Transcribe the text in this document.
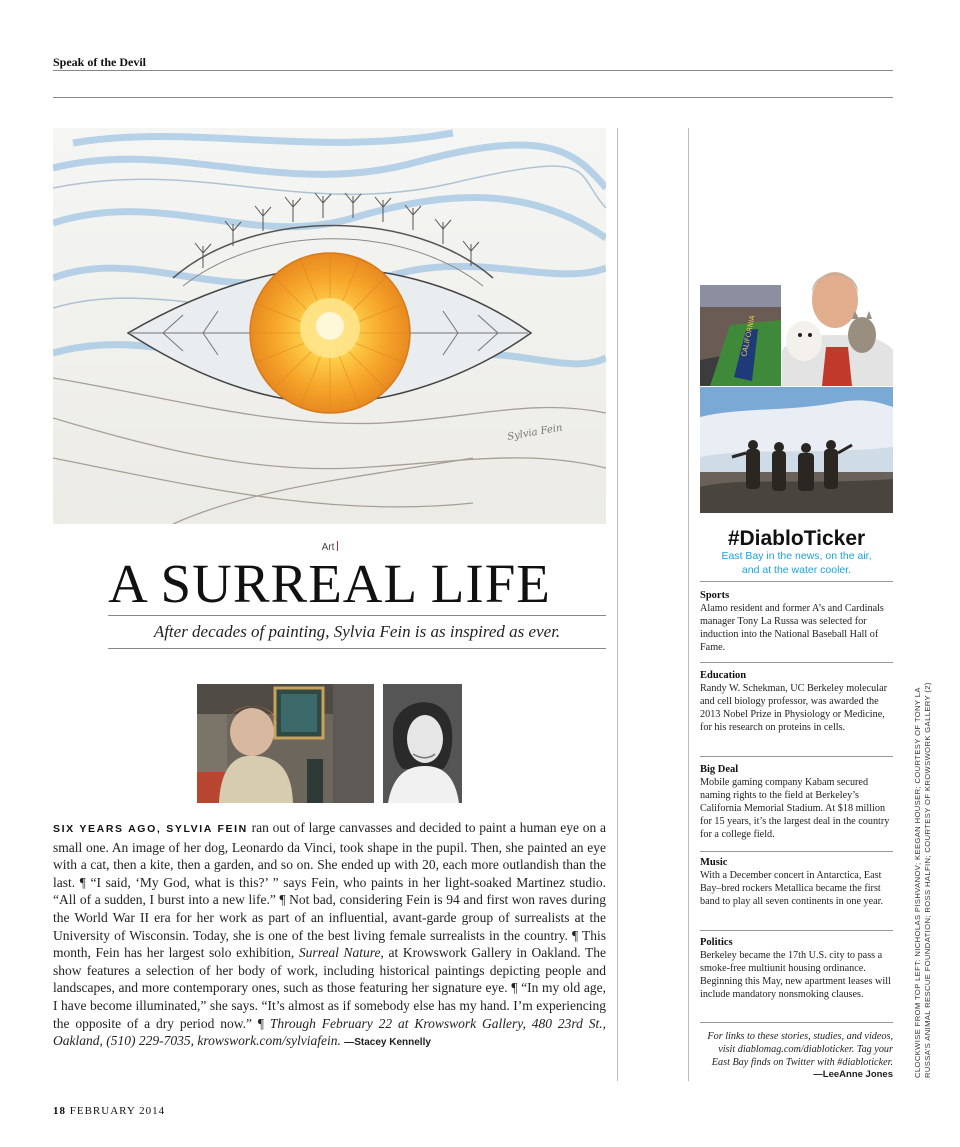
Speak of the Devil
Sylvia Fein
Art
A SURREAL LIFE
After decades of painting, Sylvia Fein is as inspired as ever.
SIX YEARS AGO, SYLVIA FEIN ran out of large canvasses and decided to paint a human eye on a small one. An image of her dog, Leonardo da Vinci, took shape in the pupil. Then, she painted an eye with a cat, then a kite, then a garden, and so on. She ended up with 20, each more outlandish than the last. ¶ “I said, ‘My God, what is this?’ ” says Fein, who paints in her light-soaked Martinez studio. “All of a sudden, I burst into a new life.” ¶ Not bad, considering Fein is 94 and first won raves during the World War II era for her work as part of an influential, avant-garde group of surrealists at the University of Wisconsin. Today, she is one of the best living female surrealists in the country. ¶ This month, Fein has her largest solo exhibition, Surreal Nature, at Krowswork Gallery in Oakland. The show features a selection of her body of work, including historical paintings depicting people and landscapes, and more contemporary ones, such as those featuring her signature eye. ¶ “In my old age, I have become illuminated,” she says. “It’s almost as if somebody else has my hand. I’m experiencing the opposite of a dry period now.” ¶ Through February 22 at Krowswork Gallery, 480 23rd St., Oakland, (510) 229-7035, krowswork.com/sylviafein. —Stacey Kennelly
18 FEBRUARY 2014
CALIFORNIA
#DiabloTicker
East Bay in the news, on the air,
and at the water cooler.
Sports
Alamo resident and former A’s and Cardinals manager Tony La Russa was selected for induction into the National Baseball Hall of Fame.
Education
Randy W. Schekman, UC Berkeley molecular and cell biology professor, was awarded the 2013 Nobel Prize in Physiology or Medicine, for his research on proteins in cells.
Big Deal
Mobile gaming company Kabam secured naming rights to the field at Berkeley’s California Memorial Stadium. At $18 million for 15 years, it’s the largest deal in the country for a college field.
Music
With a December concert in Antarctica, East Bay–bred rockers Metallica became the first band to play all seven continents in one year.
Politics
Berkeley became the 17th U.S. city to pass a smoke-free multiunit housing ordinance. Beginning this May, new apartment leases will include mandatory nonsmoking clauses.
For links to these stories, studies, and videos, visit diablomag.com/diabloticker. Tag your East Bay finds on Twitter with #diabloticker. —LeeAnne Jones	CLOCKWISE FROM TOP LEFT: NICHOLAS PISHVANOV; KEEGAN HOUSER; COURTESY OF TONY LA RUSSA’S ANIMAL RESCUE FOUNDATION; ROSS HALFIN; COURTESY OF KROWSWORK GALLERY (2)
